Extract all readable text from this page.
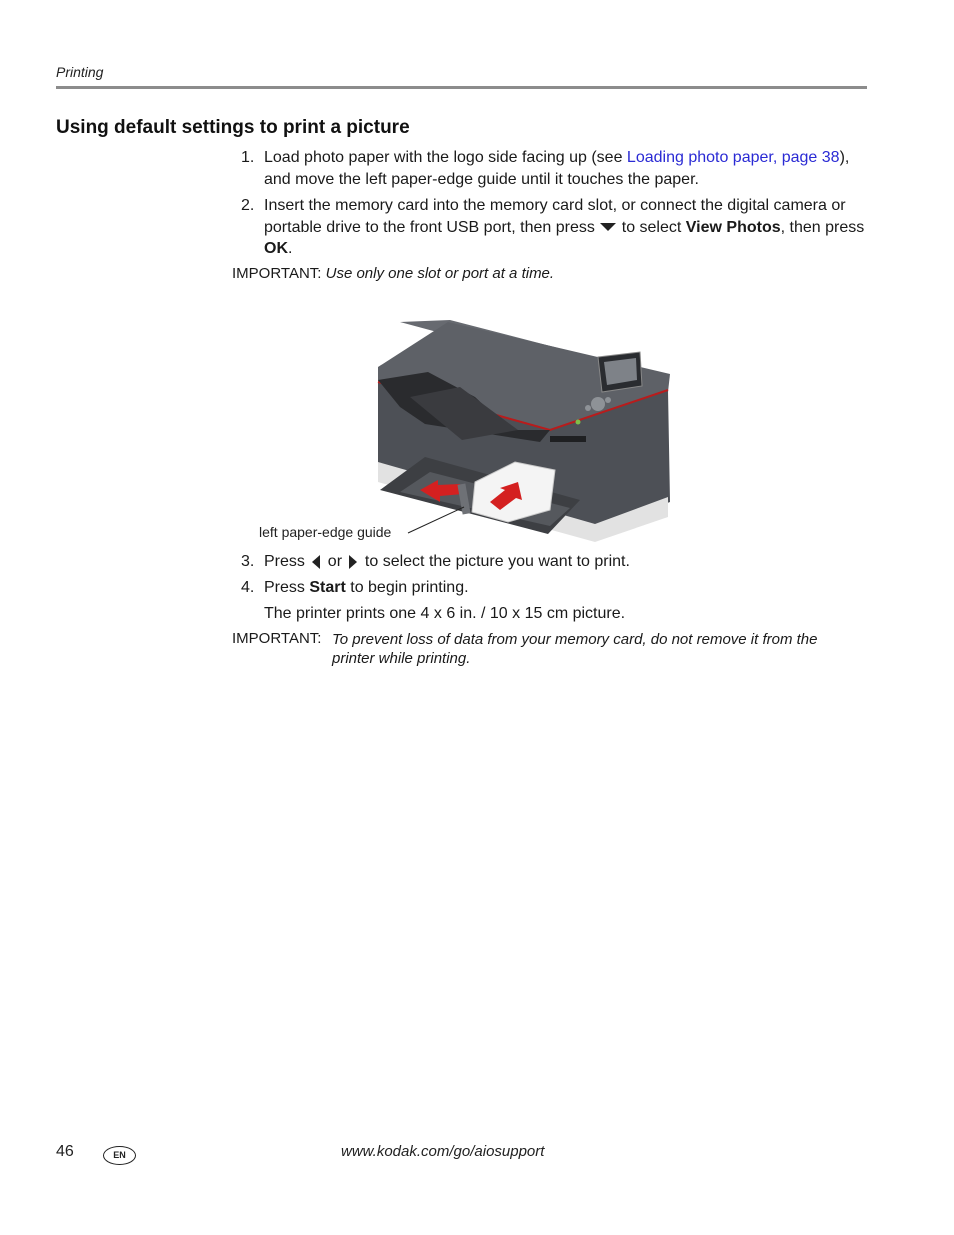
Printing
Using default settings to print a picture
1. Load photo paper with the logo side facing up (see Loading photo paper, page 38), and move the left paper-edge guide until it touches the paper.
2. Insert the memory card into the memory card slot, or connect the digital camera or portable drive to the front USB port, then press  to select View Photos, then press OK.
IMPORTANT: Use only one slot or port at a time.
left paper-edge guide
3. Press  or  to select the picture you want to print.
4. Press Start to begin printing.
The printer prints one 4 x 6 in. / 10 x 15 cm picture.
IMPORTANT: To prevent loss of data from your memory card, do not remove it from the printer while printing.
46	EN	www.kodak.com/go/aiosupport
